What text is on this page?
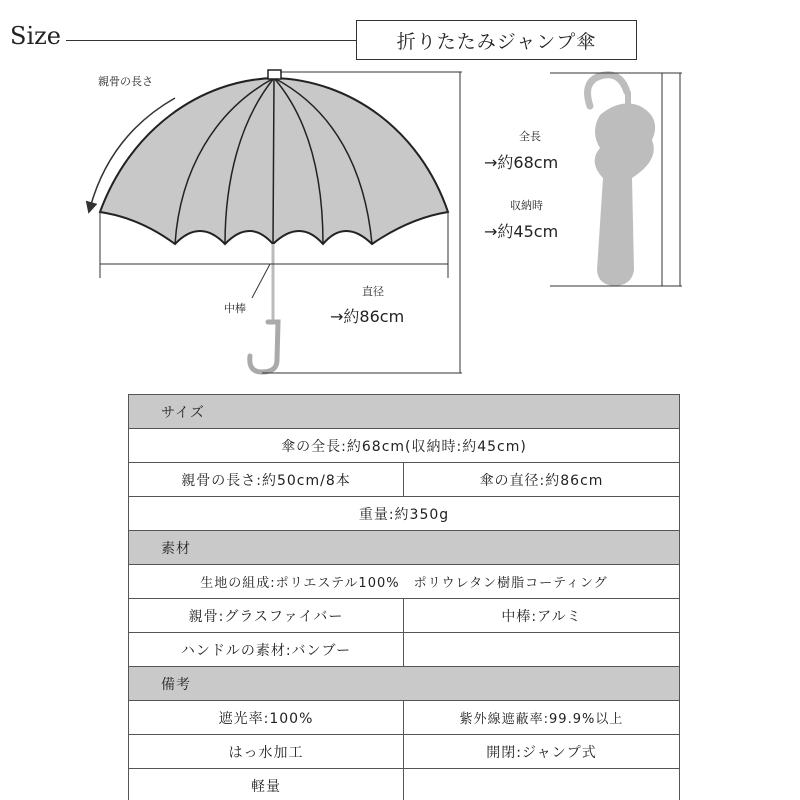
Size	折りたたみジャンプ傘
親骨の長さ
中棒
直径
→約86cm
全長
→約68cm
収納時
→約45cm
サイズ	
傘の全長:約68cm(収納時:約45cm)	
親骨の長さ:約50cm/8本	傘の直径:約86cm
重量:約350g	
素材	
生地の組成:ポリエステル100%　ポリウレタン樹脂コーティング	
親骨:グラスファイバー	中棒:アルミ
ハンドルの素材:バンブー	
備考	
遮光率:100%	紫外線遮蔽率:99.9%以上
はっ水加工	開閉:ジャンプ式
軽量	
